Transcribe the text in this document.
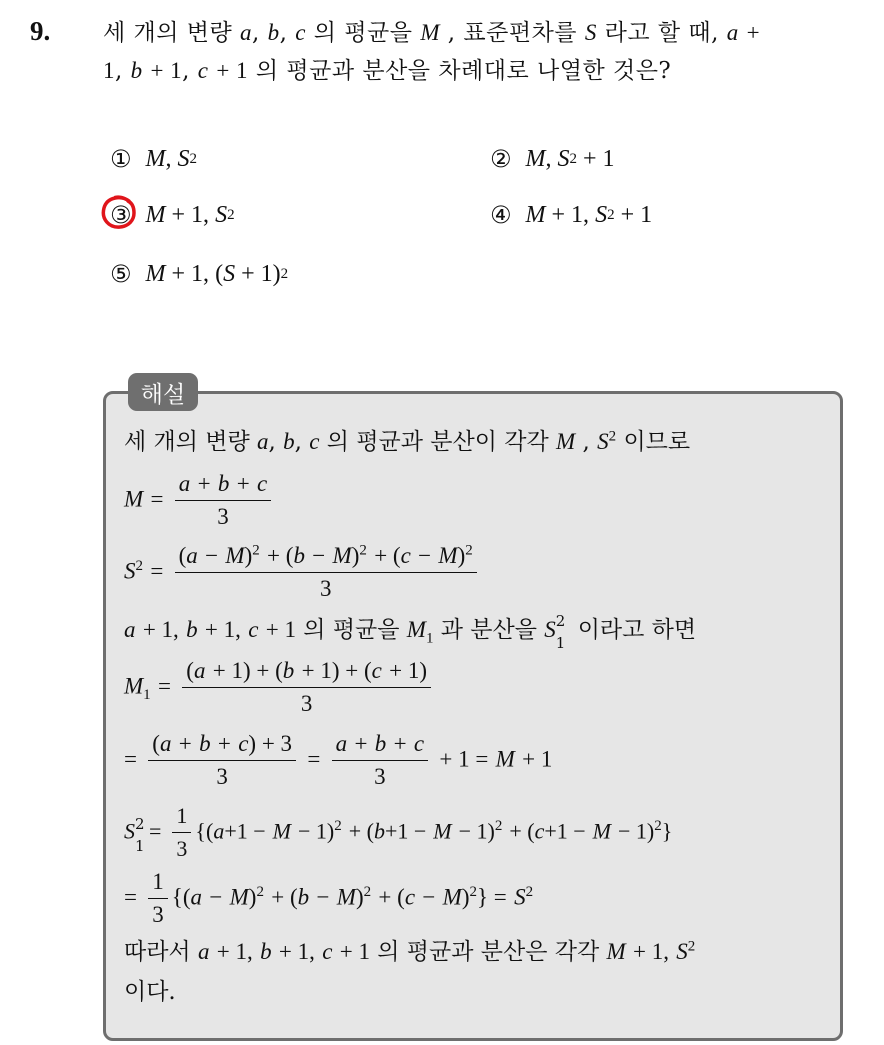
9. 세 개의 변량 a, b, c 의 평균을 M , 표준편차를 S 라고 할 때, a +
1, b + 1, c + 1 의 평균과 분산을 차례대로 나열한 것은?
① M , S 2	② M , S 2 + 1
③ M + 1, S 2	④ M + 1, S 2 + 1
⑤ M + 1, ( S + 1) 2
해설
세 개의 변량 a, b, c 의 평균과 분산이 각각 M , $S^2$ 이므로
$M = \frac{a + b + c}{3}$
$S^2 = \frac{(a - M)^2 + (b - M)^2 + (c - M)^2}{3}$
a + 1, b + 1, c + 1 의 평균을 $M_1$ 과 분산을 S 2
1 이라고 하면
$M_1 = \frac{(a + 1) + (b + 1) + (c + 1)}{3}$
= $\frac{(a + b + c) + 3}{3} = \frac{a + b + c}{3} + 1 = M + 1$
S 2
1
= $\frac{1}{3} \{(a+1 - M - 1)^2 + (b+1 - M - 1)^2 + (c+1 - M - 1)^2\}$
= $\frac{1}{3} \{(a - M)^2 + (b - M)^2 + (c - M)^2\} = S^2$
따라서 a + 1, b + 1, c + 1 의 평균과 분산은 각각 M + 1, $S^2$
이다.
